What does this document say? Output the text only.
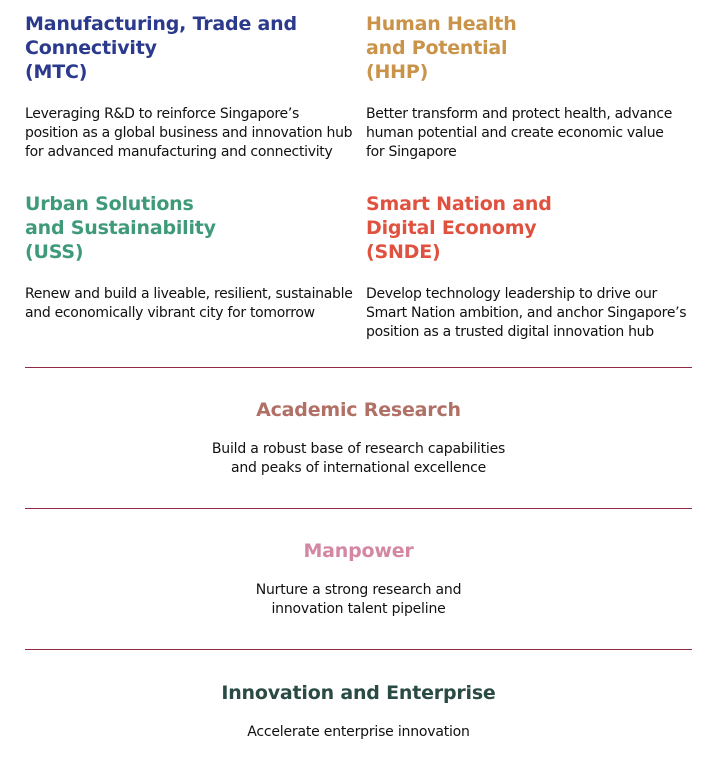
Manufacturing, Trade and
Connectivity
(MTC)

Leveraging R&D to reinforce Singapore’s
position as a global business and innovation hub
for advanced manufacturing and connectivity

Human Health
and Potential
(HHP)

Better transform and protect health, advance
human potential and create economic value
for Singapore

Urban Solutions
and Sustainability
(USS)

Renew and build a liveable, resilient, sustainable
and economically vibrant city for tomorrow

Smart Nation and
Digital Economy
(SNDE)

Develop technology leadership to drive our
Smart Nation ambition, and anchor Singapore’s
position as a trusted digital innovation hub

Academic Research

Build a robust base of research capabilities
and peaks of international excellence

Manpower

Nurture a strong research and
innovation talent pipeline

Innovation and Enterprise

Accelerate enterprise innovation
